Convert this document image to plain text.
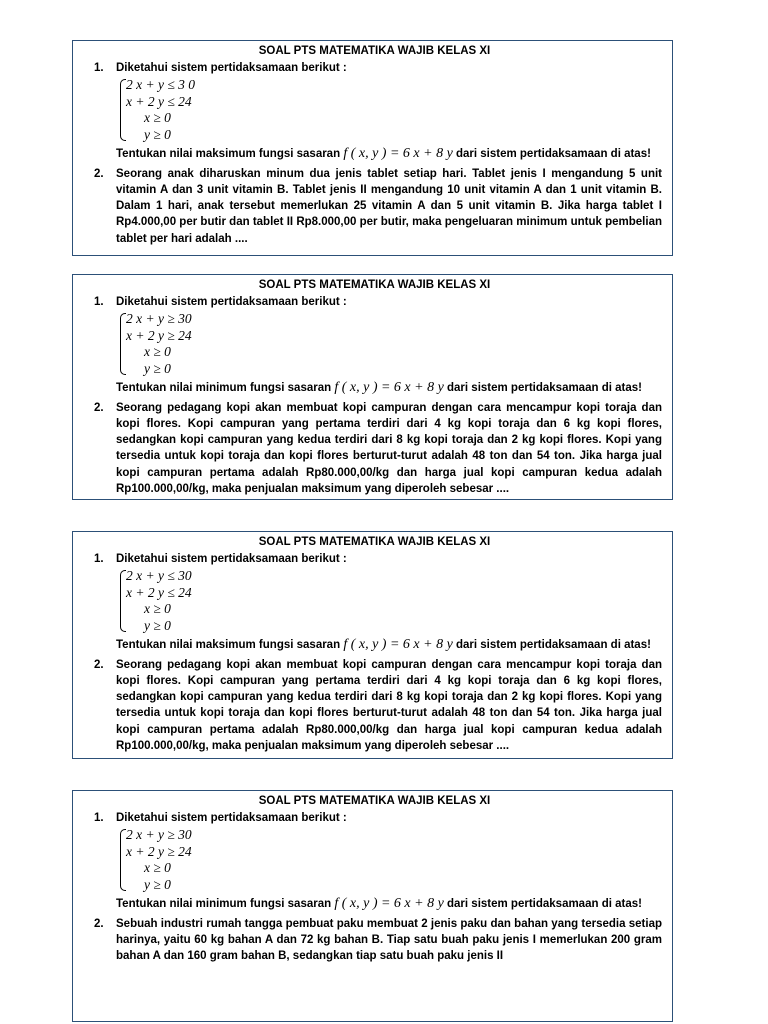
SOAL PTS MATEMATIKA WAJIB KELAS XI
1. Diketahui sistem pertidaksamaan berikut :
2 x + y ≤ 3 0
x + 2 y ≤ 24
x ≥ 0
y ≥ 0
Tentukan nilai maksimum fungsi sasaran f ( x, y ) = 6 x + 8 y dari sistem pertidaksamaan di atas!
2. Seorang anak diharuskan minum dua jenis tablet setiap hari. Tablet jenis I mengandung 5 unit vitamin A dan 3 unit vitamin B. Tablet jenis II mengandung 10 unit vitamin A dan 1 unit vitamin B. Dalam 1 hari, anak tersebut memerlukan 25 vitamin A dan 5 unit vitamin B. Jika harga tablet I Rp4.000,00 per butir dan tablet II Rp8.000,00 per butir, maka pengeluaran minimum untuk pembelian tablet per hari adalah ....
SOAL PTS MATEMATIKA WAJIB KELAS XI
1. Diketahui sistem pertidaksamaan berikut :
2 x + y ≥ 30
x + 2 y ≥ 24
x ≥ 0
y ≥ 0
Tentukan nilai minimum fungsi sasaran f ( x, y ) = 6 x + 8 y dari sistem pertidaksamaan di atas!
2. Seorang pedagang kopi akan membuat kopi campuran dengan cara mencampur kopi toraja dan kopi flores. Kopi campuran yang pertama terdiri dari 4 kg kopi toraja dan 6 kg kopi flores, sedangkan kopi campuran yang kedua terdiri dari 8 kg kopi toraja dan 2 kg kopi flores. Kopi yang tersedia untuk kopi toraja dan kopi flores berturut-turut adalah 48 ton dan 54 ton. Jika harga jual kopi campuran pertama adalah Rp80.000,00/kg dan harga jual kopi campuran kedua adalah Rp100.000,00/kg, maka penjualan maksimum yang diperoleh sebesar ....
SOAL PTS MATEMATIKA WAJIB KELAS XI
1. Diketahui sistem pertidaksamaan berikut :
2 x + y ≤ 30
x + 2 y ≤ 24
x ≥ 0
y ≥ 0
Tentukan nilai maksimum fungsi sasaran f ( x, y ) = 6 x + 8 y dari sistem pertidaksamaan di atas!
2. Seorang pedagang kopi akan membuat kopi campuran dengan cara mencampur kopi toraja dan kopi flores. Kopi campuran yang pertama terdiri dari 4 kg kopi toraja dan 6 kg kopi flores, sedangkan kopi campuran yang kedua terdiri dari 8 kg kopi toraja dan 2 kg kopi flores. Kopi yang tersedia untuk kopi toraja dan kopi flores berturut-turut adalah 48 ton dan 54 ton. Jika harga jual kopi campuran pertama adalah Rp80.000,00/kg dan harga jual kopi campuran kedua adalah Rp100.000,00/kg, maka penjualan maksimum yang diperoleh sebesar ....
SOAL PTS MATEMATIKA WAJIB KELAS XI
1. Diketahui sistem pertidaksamaan berikut :
2 x + y ≥ 30
x + 2 y ≥ 24
x ≥ 0
y ≥ 0
Tentukan nilai minimum fungsi sasaran f ( x, y ) = 6 x + 8 y dari sistem pertidaksamaan di atas!
2. Sebuah industri rumah tangga pembuat paku membuat 2 jenis paku dan bahan yang tersedia setiap harinya, yaitu 60 kg bahan A dan 72 kg bahan B. Tiap satu buah paku jenis I memerlukan 200 gram bahan A dan 160 gram bahan B, sedangkan tiap satu buah paku jenis II
